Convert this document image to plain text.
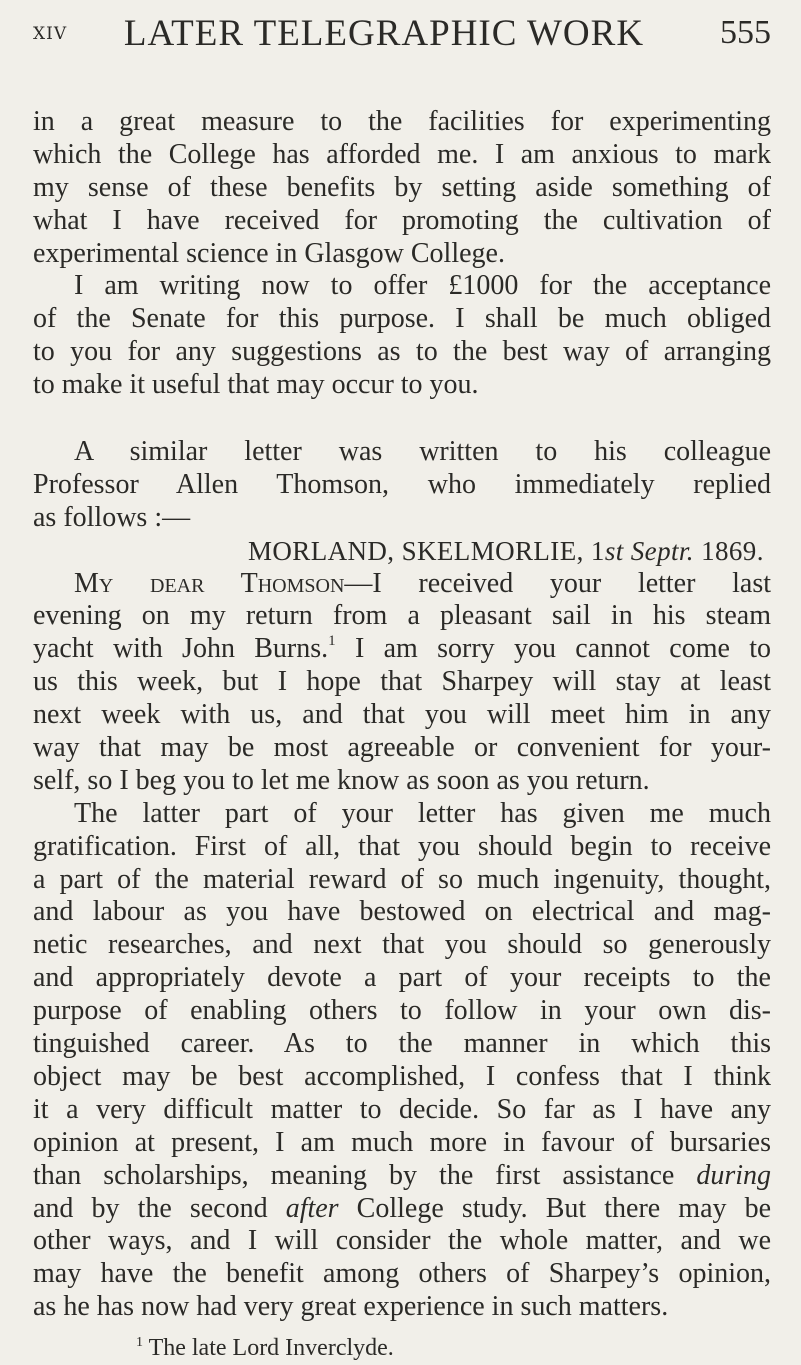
XIV	LATER TELEGRAPHIC WORK	555
in a great measure to the facilities for experimenting
which the College has afforded me. I am anxious to mark
my sense of these benefits by setting aside something of
what I have received for promoting the cultivation of
experimental science in Glasgow College.
I am writing now to offer £1000 for the acceptance
of the Senate for this purpose. I shall be much obliged
to you for any suggestions as to the best way of arranging
to make it useful that may occur to you.
A similar letter was written to his colleague
Professor Allen Thomson, who immediately replied
as follows :—
MORLAND, SKELMORLIE, 1st Septr. 1869.
My dear Thomson—I received your letter last
evening on my return from a pleasant sail in his steam
yacht with John Burns.$^1$ I am sorry you cannot come to
us this week, but I hope that Sharpey will stay at least
next week with us, and that you will meet him in any
way that may be most agreeable or convenient for your-
self, so I beg you to let me know as soon as you return.
The latter part of your letter has given me much
gratification. First of all, that you should begin to receive
a part of the material reward of so much ingenuity, thought,
and labour as you have bestowed on electrical and mag-
netic researches, and next that you should so generously
and appropriately devote a part of your receipts to the
purpose of enabling others to follow in your own dis-
tinguished career. As to the manner in which this
object may be best accomplished, I confess that I think
it a very difficult matter to decide. So far as I have any
opinion at present, I am much more in favour of bursaries
than scholarships, meaning by the first assistance during
and by the second after College study. But there may be
other ways, and I will consider the whole matter, and we
may have the benefit among others of Sharpey’s opinion,
as he has now had very great experience in such matters.
$^1$ The late Lord Inverclyde.
